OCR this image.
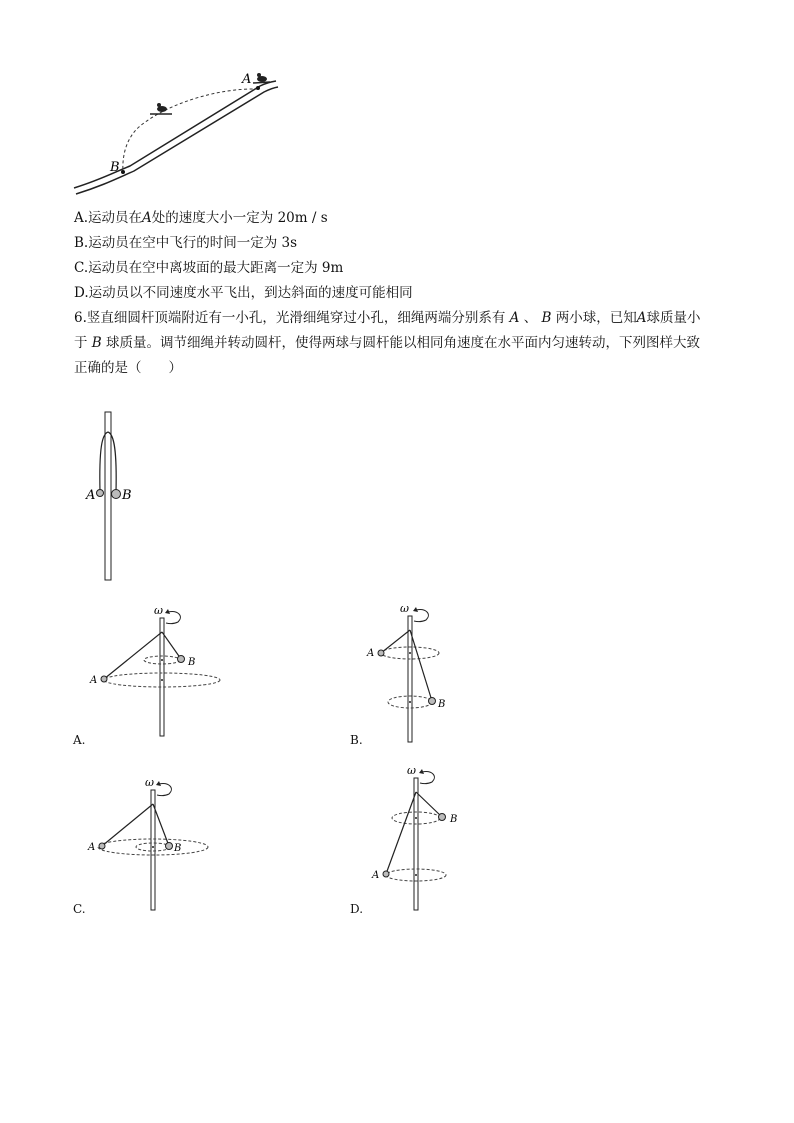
A
B
A.运动员在A处的速度大小一定为 20m / s
B.运动员在空中飞行的时间一定为 3s
C.运动员在空中离坡面的最大距离一定为 9m
D.运动员以不同速度水平飞出，到达斜面的速度可能相同
6.竖直细圆杆顶端附近有一小孔，光滑细绳穿过小孔，细绳两端分别系有 A 、 B 两小球，已知A球质量小
于 B 球质量。调节细绳并转动圆杆，使得两球与圆杆能以相同角速度在水平面内匀速转动，下列图样大致
正确的是（　　）
A B
ω
A
B
A.
ω
A
B
B.
ω
A	B
C.
ω
A
B
D.
